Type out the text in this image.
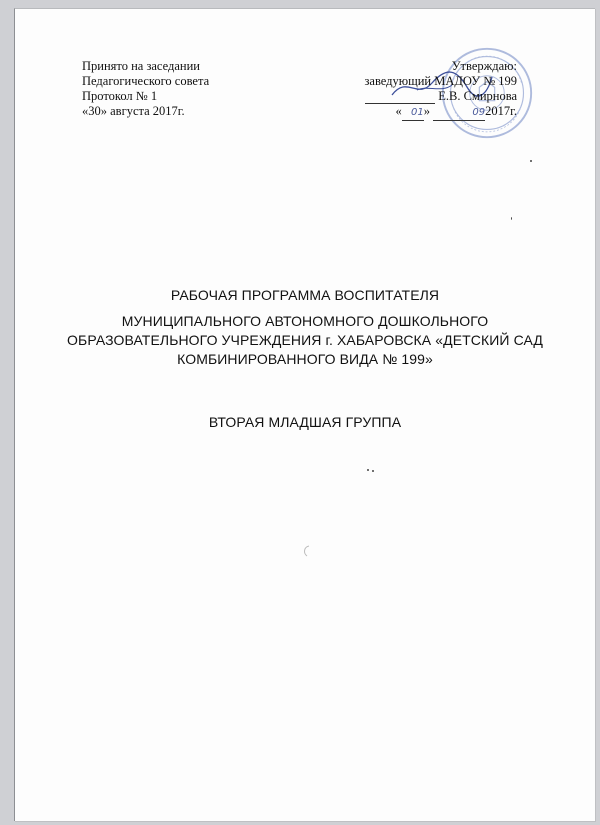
Принято на заседании
Педагогического совета
Протокол № 1
«30» августа 2017г.
Утверждаю:
заведующий МАДОУ № 199
Е.В. Смирнова
« 01»	092017г.
РАБОЧАЯ ПРОГРАММА ВОСПИТАТЕЛЯ
МУНИЦИПАЛЬНОГО АВТОНОМНОГО ДОШКОЛЬНОГО
ОБРАЗОВАТЕЛЬНОГО УЧРЕЖДЕНИЯ г. ХАБАРОВСКА «ДЕТСКИЙ САД
КОМБИНИРОВАННОГО ВИДА № 199»
ВТОРАЯ МЛАДШАЯ ГРУППА
